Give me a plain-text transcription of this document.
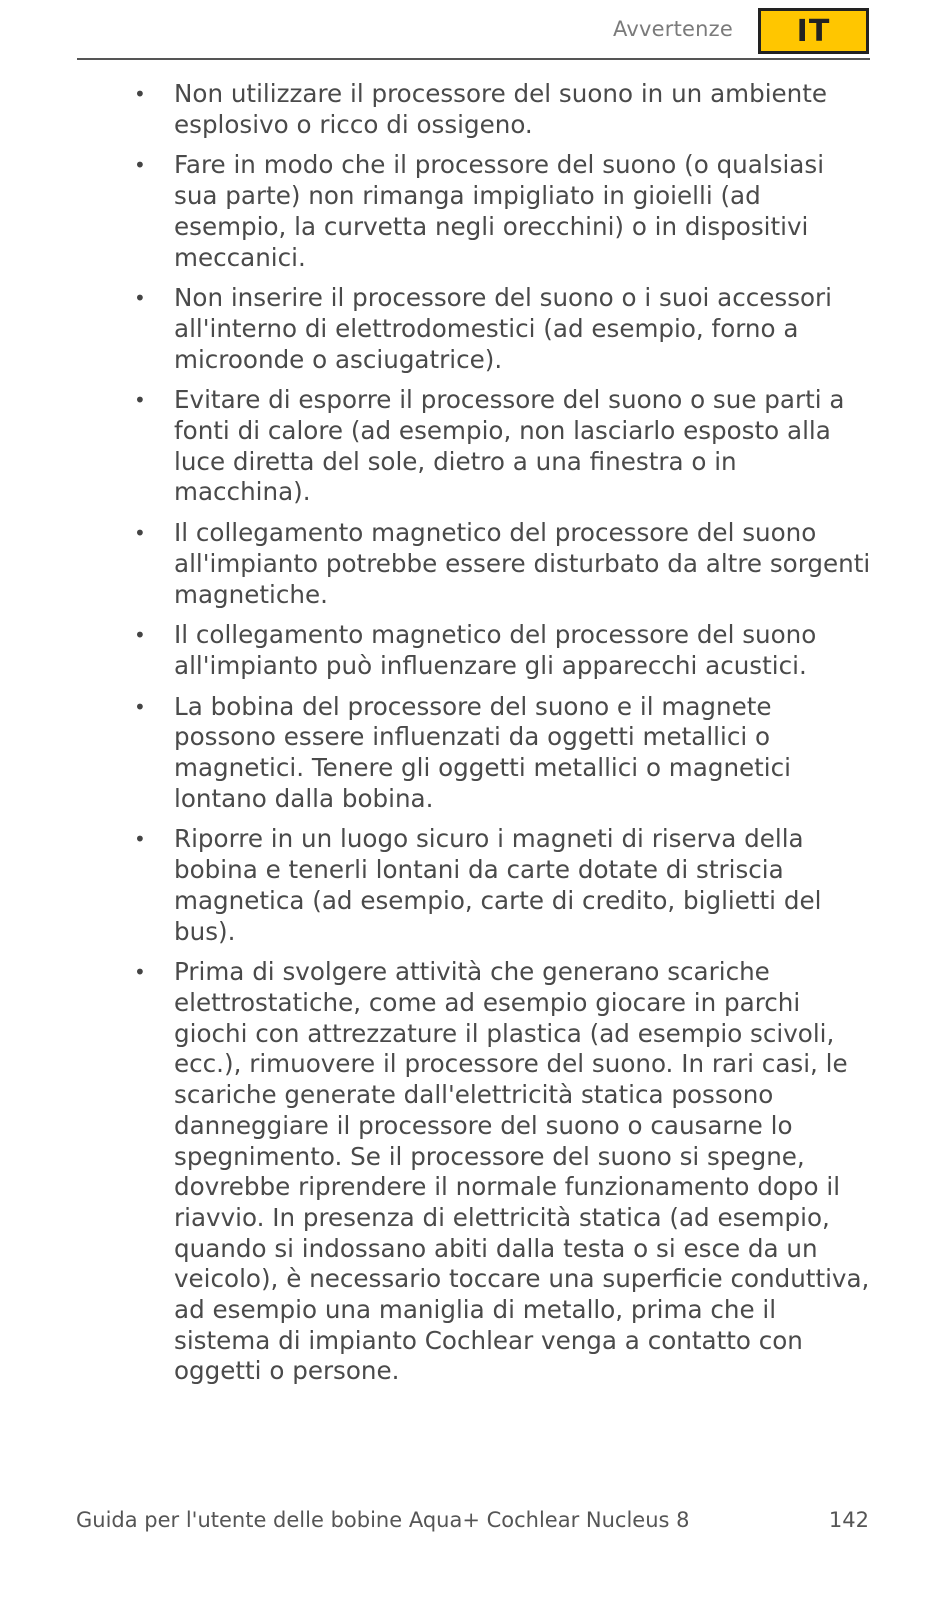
Avvertenze	IT
• Non utilizzare il processore del suono in un ambiente esplosivo o ricco di ossigeno.
• Fare in modo che il processore del suono (o qualsiasi sua parte) non rimanga impigliato in gioielli (ad esempio, la curvetta negli orecchini) o in dispositivi meccanici.
• Non inserire il processore del suono o i suoi accessori all'interno di elettrodomestici (ad esempio, forno a microonde o asciugatrice).
• Evitare di esporre il processore del suono o sue parti a fonti di calore (ad esempio, non lasciarlo esposto alla luce diretta del sole, dietro a una finestra o in macchina).
• Il collegamento magnetico del processore del suono all'impianto potrebbe essere disturbato da altre sorgenti magnetiche.
• Il collegamento magnetico del processore del suono all'impianto può influenzare gli apparecchi acustici.
• La bobina del processore del suono e il magnete possono essere influenzati da oggetti metallici o magnetici. Tenere gli oggetti metallici o magnetici lontano dalla bobina.
• Riporre in un luogo sicuro i magneti di riserva della bobina e tenerli lontani da carte dotate di striscia magnetica (ad esempio, carte di credito, biglietti del bus).
• Prima di svolgere attività che generano scariche elettrostatiche, come ad esempio giocare in parchi giochi con attrezzature il plastica (ad esempio scivoli, ecc.), rimuovere il processore del suono. In rari casi, le scariche generate dall'elettricità statica possono danneggiare il processore del suono o causarne lo spegnimento. Se il processore del suono si spegne, dovrebbe riprendere il normale funzionamento dopo il riavvio. In presenza di elettricità statica (ad esempio, quando si indossano abiti dalla testa o si esce da un veicolo), è necessario toccare una superficie conduttiva, ad esempio una maniglia di metallo, prima che il sistema di impianto Cochlear venga a contatto con oggetti o persone.
Guida per l'utente delle bobine Aqua+ Cochlear Nucleus 8	142
